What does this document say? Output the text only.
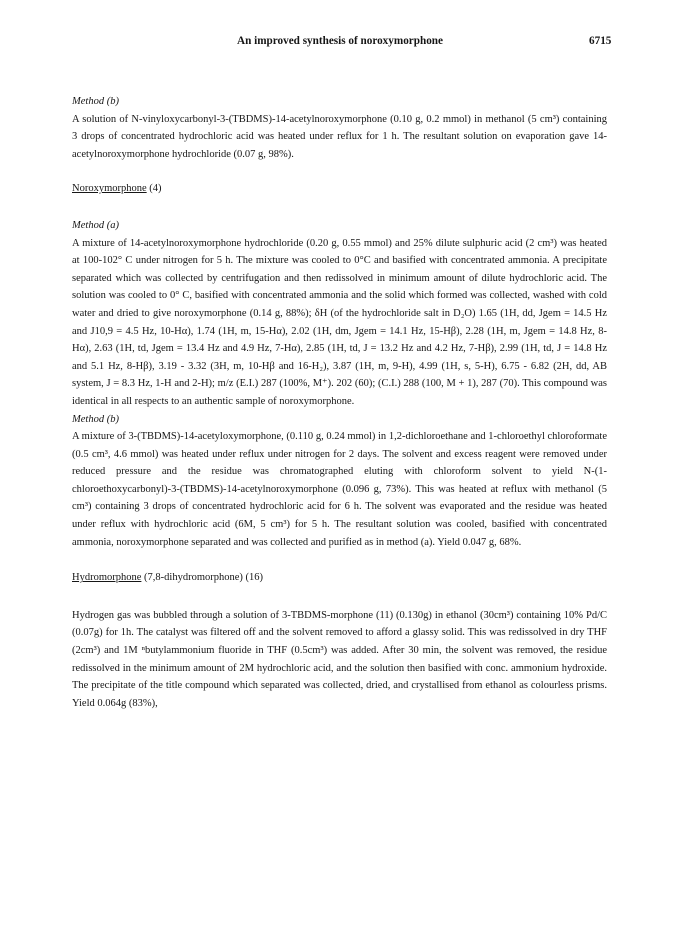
An improved synthesis of noroxymorphone	6715

Method (b)

A solution of N-vinyloxycarbonyl-3-(TBDMS)-14-acetylnoroxymorphone (0.10 g, 0.2 mmol) in methanol (5 cm³) containing 3 drops of concentrated hydrochloric acid was heated under reflux for 1 h. The resultant solution on evaporation gave 14-acetylnoroxymorphone hydrochloride (0.07 g, 98%).

Noroxymorphone (4)

Method (a)

A mixture of 14-acetylnoroxymorphone hydrochloride (0.20 g, 0.55 mmol) and 25% dilute sulphuric acid (2 cm³) was heated at 100-102° C under nitrogen for 5 h. The mixture was cooled to 0°C and basified with concentrated ammonia. A precipitate separated which was collected by centrifugation and then redissolved in minimum amount of dilute hydrochloric acid. The solution was cooled to 0° C, basified with concentrated ammonia and the solid which formed was collected, washed with cold water and dried to give noroxymorphone (0.14 g, 88%); δH (of the hydrochloride salt in D₂O) 1.65 (1H, dd, Jgem = 14.5 Hz and J10,9 = 4.5 Hz, 10-Hα), 1.74 (1H, m, 15-Hα), 2.02 (1H, dm, Jgem = 14.1 Hz, 15-Hβ), 2.28 (1H, m, Jgem = 14.8 Hz, 8-Hα), 2.63 (1H, td, Jgem = 13.4 Hz and 4.9 Hz, 7-Hα), 2.85 (1H, td, J = 13.2 Hz and 4.2 Hz, 7-Hβ), 2.99 (1H, td, J = 14.8 Hz and 5.1 Hz, 8-Hβ), 3.19 - 3.32 (3H, m, 10-Hβ and 16-H₂), 3.87 (1H, m, 9-H), 4.99 (1H, s, 5-H), 6.75 - 6.82 (2H, dd, AB system, J = 8.3 Hz, 1-H and 2-H); m/z (E.I.) 287 (100%, M⁺). 202 (60); (C.I.) 288 (100, M + 1), 287 (70). This compound was identical in all respects to an authentic sample of noroxymorphone.

Method (b)

A mixture of 3-(TBDMS)-14-acetyloxymorphone, (0.110 g, 0.24 mmol) in 1,2-dichloroethane and 1-chloroethyl chloroformate (0.5 cm³, 4.6 mmol) was heated under reflux under nitrogen for 2 days. The solvent and excess reagent were removed under reduced pressure and the residue was chromatographed eluting with chloroform solvent to yield N-(1-chloroethoxycarbonyl)-3-(TBDMS)-14-acetylnoroxymorphone (0.096 g, 73%). This was heated at reflux with methanol (5 cm³) containing 3 drops of concentrated hydrochloric acid for 6 h. The solvent was evaporated and the residue was heated under reflux with hydrochloric acid (6M, 5 cm³) for 5 h. The resultant solution was cooled, basified with concentrated ammonia, noroxymorphone separated and was collected and purified as in method (a). Yield 0.047 g, 68%.

Hydromorphone (7,8-dihydromorphone) (16)

Hydrogen gas was bubbled through a solution of 3-TBDMS-morphone (11) (0.130g) in ethanol (30cm³) containing 10% Pd/C (0.07g) for 1h. The catalyst was filtered off and the solvent removed to afford a glassy solid. This was redissolved in dry THF (2cm³) and 1M ⁿbutylammonium fluoride in THF (0.5cm³) was added. After 30 min, the solvent was removed, the residue redissolved in the minimum amount of 2M hydrochloric acid, and the solution then basified with conc. ammonium hydroxide. The precipitate of the title compound which separated was collected, dried, and crystallised from ethanol as colourless prisms. Yield 0.064g (83%),
